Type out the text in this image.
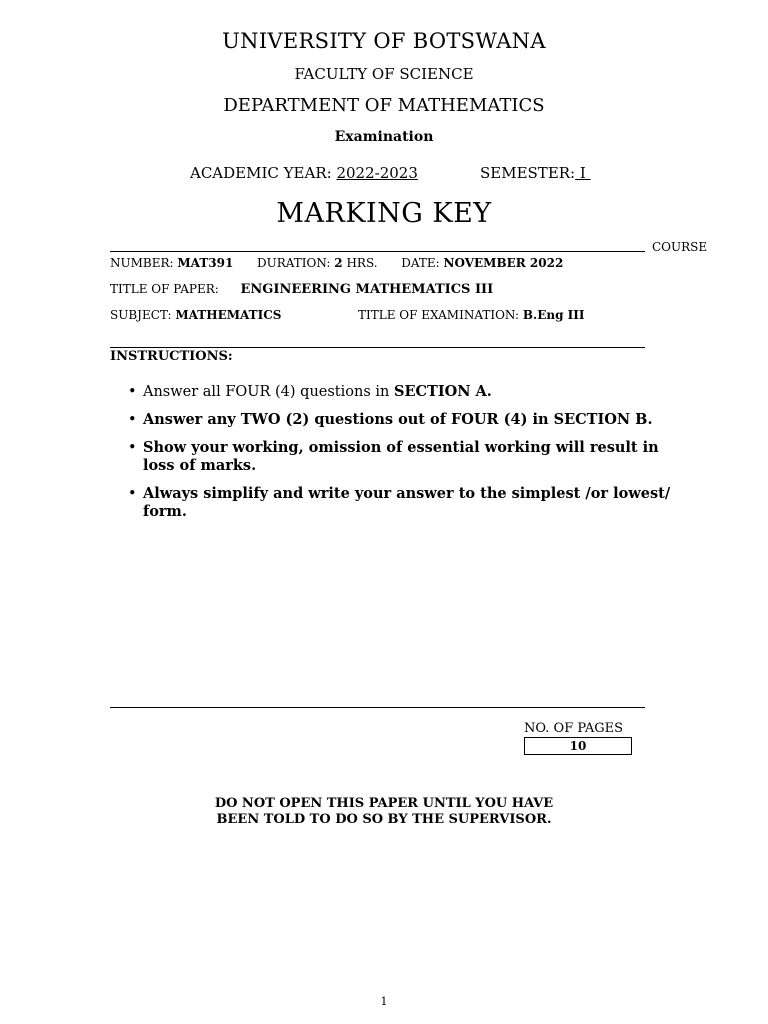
UNIVERSITY OF BOTSWANA
FACULTY OF SCIENCE
DEPARTMENT OF MATHEMATICS
Examination
ACADEMIC YEAR: 2022-2023	SEMESTER: I
MARKING KEY
COURSE
NUMBER: MAT391 DURATION: 2 HRS. DATE: NOVEMBER 2022
TITLE OF PAPER: ENGINEERING MATHEMATICS III
SUBJECT: MATHEMATICS	TITLE OF EXAMINATION: B.Eng III
INSTRUCTIONS:
• Answer all FOUR (4) questions in SECTION A.
• Answer any TWO (2) questions out of FOUR (4) in SECTION B.
• Show your working, omission of essential working will result in loss of marks.
• Always simplify and write your answer to the simplest /or lowest/ form.
NO. OF PAGES
10
DO NOT OPEN THIS PAPER UNTIL YOU HAVE
BEEN TOLD TO DO SO BY THE SUPERVISOR.
1
